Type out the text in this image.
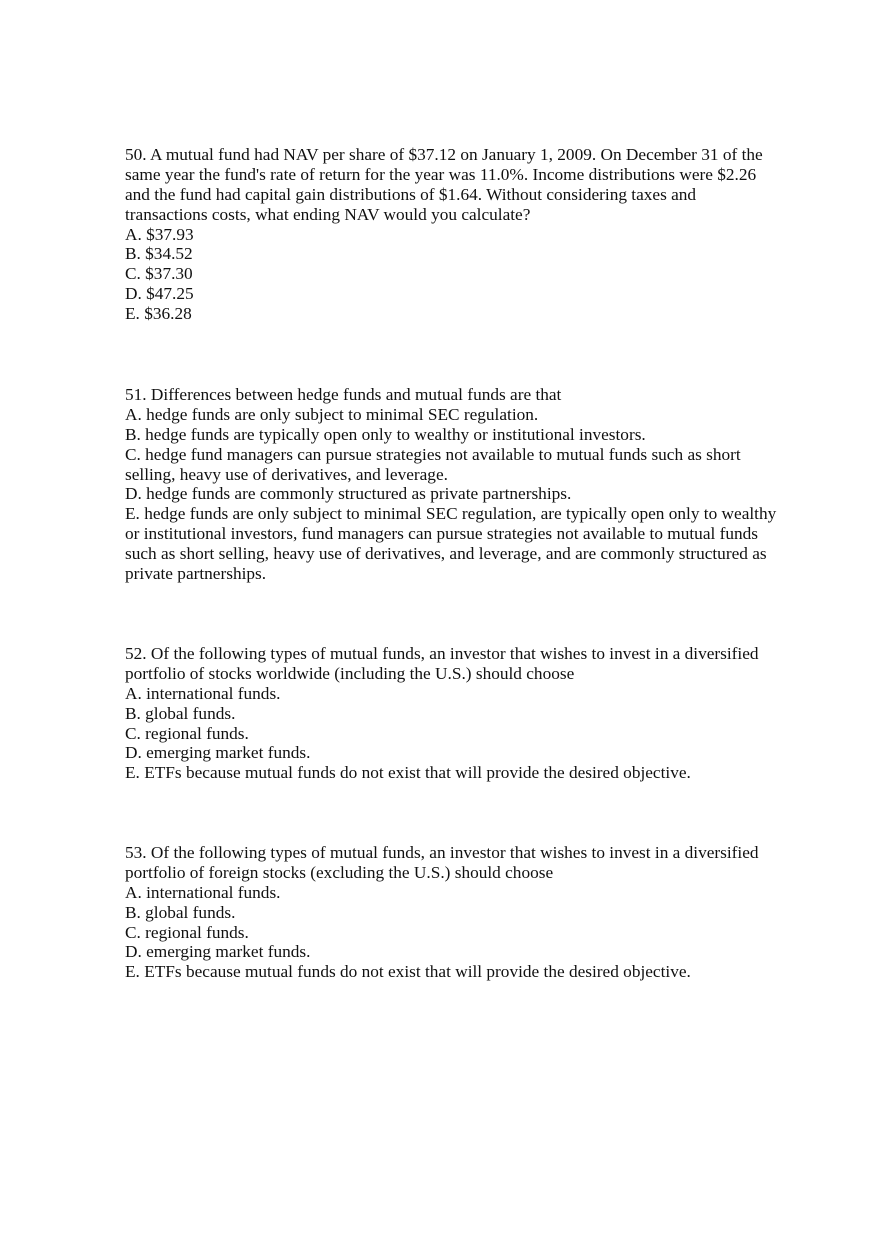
50. A mutual fund had NAV per share of $37.12 on January 1, 2009. On December 31 of the
same year the fund's rate of return for the year was 11.0%. Income distributions were $2.26
and the fund had capital gain distributions of $1.64. Without considering taxes and
transactions costs, what ending NAV would you calculate?
A. $37.93
B. $34.52
C. $37.30
D. $47.25
E. $36.28
51. Differences between hedge funds and mutual funds are that
A. hedge funds are only subject to minimal SEC regulation.
B. hedge funds are typically open only to wealthy or institutional investors.
C. hedge fund managers can pursue strategies not available to mutual funds such as short
selling, heavy use of derivatives, and leverage.
D. hedge funds are commonly structured as private partnerships.
E. hedge funds are only subject to minimal SEC regulation, are typically open only to wealthy
or institutional investors, fund managers can pursue strategies not available to mutual funds
such as short selling, heavy use of derivatives, and leverage, and are commonly structured as
private partnerships.
52. Of the following types of mutual funds, an investor that wishes to invest in a diversified
portfolio of stocks worldwide (including the U.S.) should choose
A. international funds.
B. global funds.
C. regional funds.
D. emerging market funds.
E. ETFs because mutual funds do not exist that will provide the desired objective.
53. Of the following types of mutual funds, an investor that wishes to invest in a diversified
portfolio of foreign stocks (excluding the U.S.) should choose
A. international funds.
B. global funds.
C. regional funds.
D. emerging market funds.
E. ETFs because mutual funds do not exist that will provide the desired objective.
